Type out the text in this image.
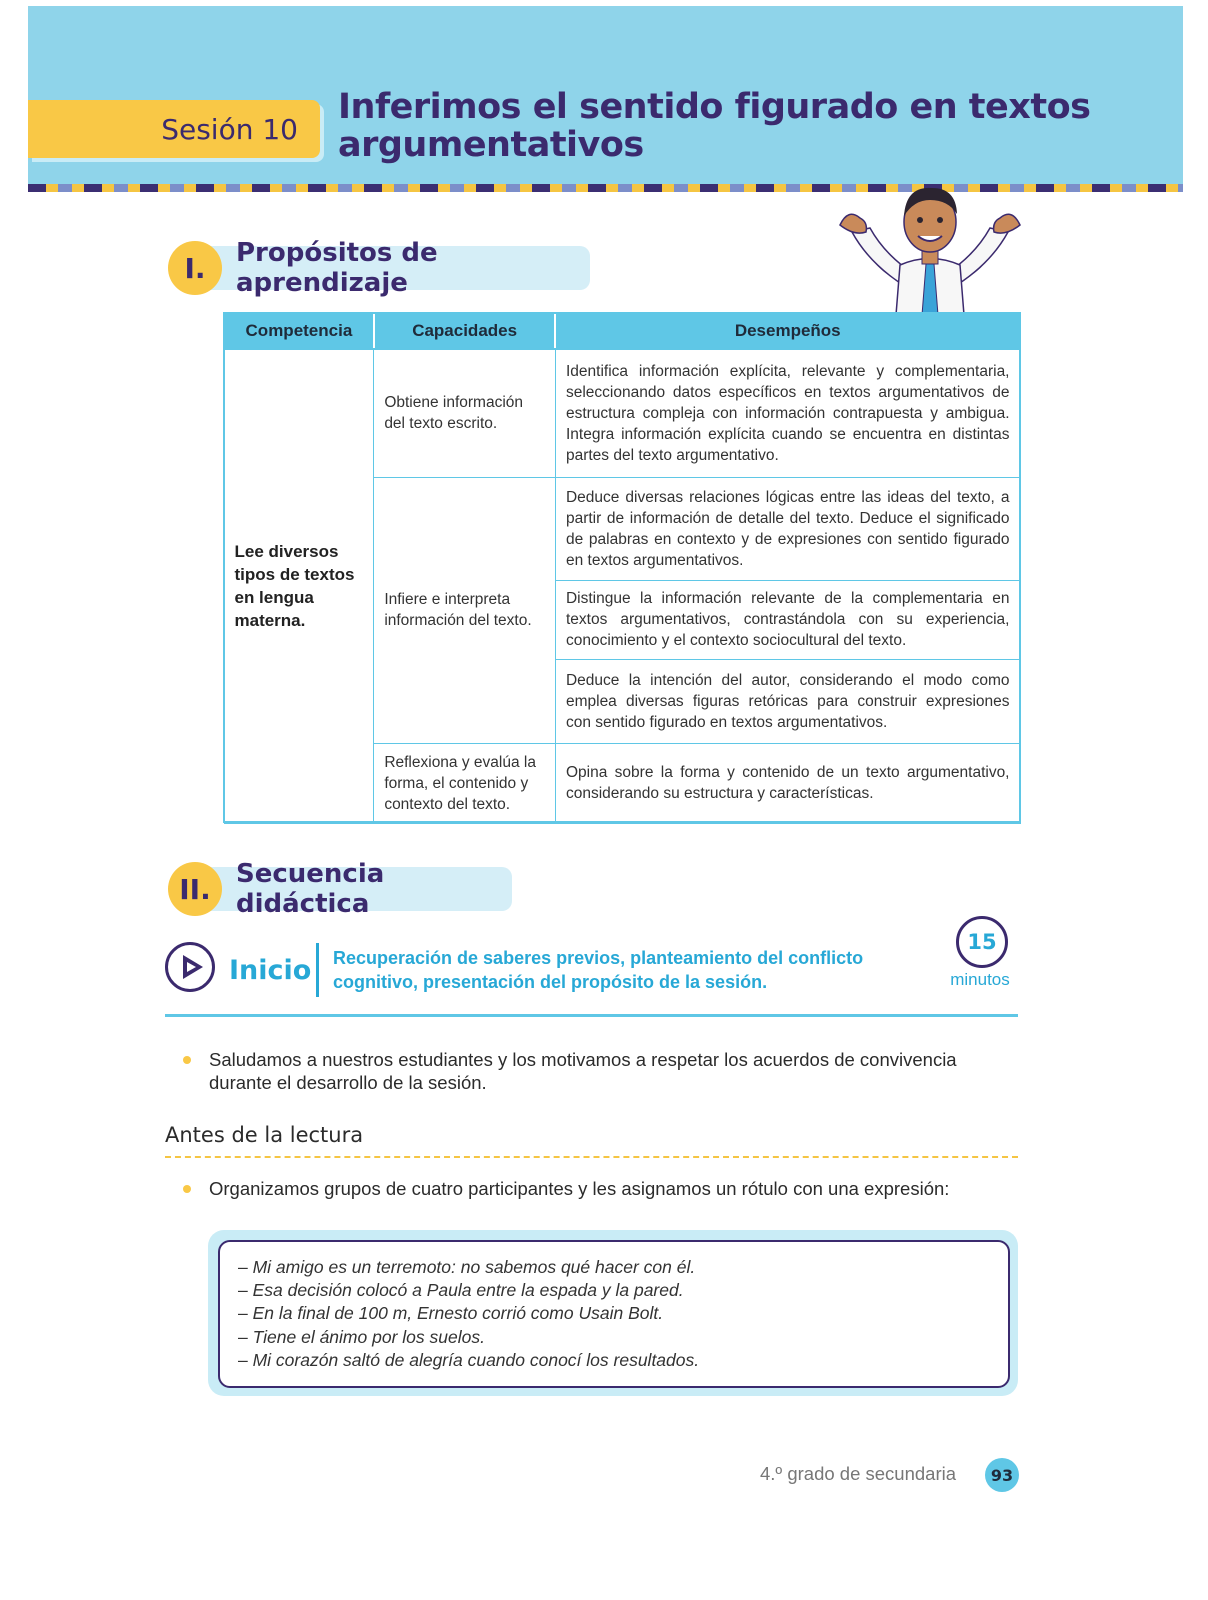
Sesión 10
Inferimos el sentido figurado en textos argumentativos
I.	Propósitos de aprendizaje
Competencia	Capacidades	Desempeños
Lee diversos tipos de textos en lengua materna.	Obtiene información del texto escrito.	Identifica información explícita, relevante y complementaria, seleccionando datos específicos en textos argumentativos de estructura compleja con información contrapuesta y ambigua. Integra información explícita cuando se encuentra en distintas partes del texto argumentativo.
	Infiere e interpreta información del texto.	Deduce diversas relaciones lógicas entre las ideas del texto, a partir de información de detalle del texto. Deduce el significado de palabras en contexto y de expresiones con sentido figurado en textos argumentativos.
		Distingue la información relevante de la complementaria en textos argumentativos, contrastándola con su experiencia, conocimiento y el contexto sociocultural del texto.
		Deduce la intención del autor, considerando el modo como emplea diversas figuras retóricas para construir expresiones con sentido figurado en textos argumentativos.
	Reflexiona y evalúa la forma, el contenido y contexto del texto.	Opina sobre la forma y contenido de un texto argumentativo, considerando su estructura y características.
II. Secuencia didáctica
Inicio Recuperación de saberes previos, planteamiento del conflicto cognitivo, presentación del propósito de la sesión.
15
minutos
Saludamos a nuestros estudiantes y los motivamos a respetar los acuerdos de convivencia durante el desarrollo de la sesión.
Antes de la lectura
Organizamos grupos de cuatro participantes y les asignamos un rótulo con una expresión:
– Mi amigo es un terremoto: no sabemos qué hacer con él.
– Esa decisión colocó a Paula entre la espada y la pared.
– En la final de 100 m, Ernesto corrió como Usain Bolt.
– Tiene el ánimo por los suelos.
– Mi corazón saltó de alegría cuando conocí los resultados.
4.º grado de secundaria	93
